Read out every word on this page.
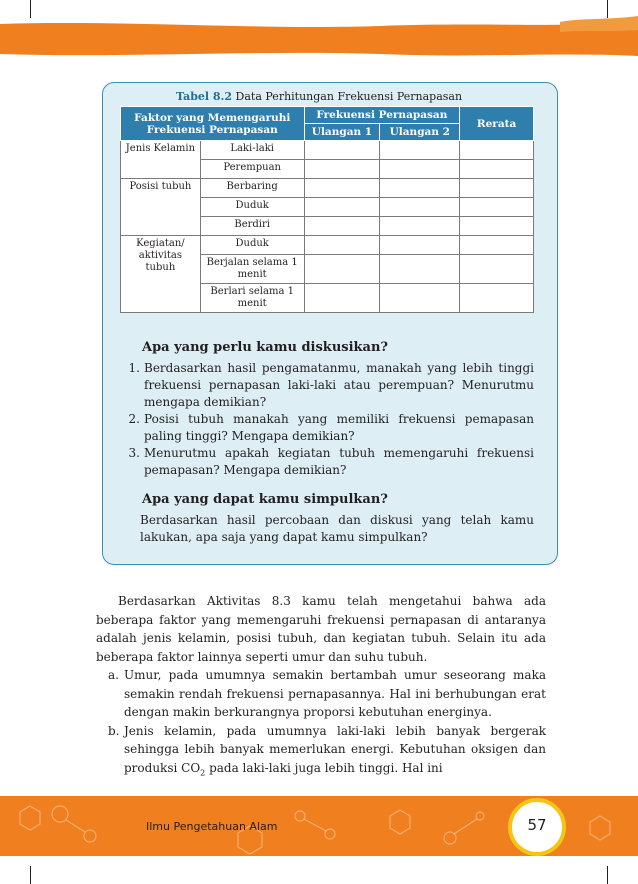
Tabel 8.2 Data Perhitungan Frekuensi Pernapasan
Faktor yang Memengaruhi Frekuensi Pernapasan		Frekuensi Pernapasan		Rerata
		Ulangan 1	Ulangan 2	
Jenis Kelamin	Laki-laki			
	Perempuan			
Posisi tubuh	Berbaring			
	Duduk			
	Berdiri			
Kegiatan/ aktivitas tubuh	Duduk			
	Berjalan selama 1 menit			
	Berlari selama 1 menit			
Apa yang perlu kamu diskusikan?
1. Berdasarkan hasil pengamatanmu, manakah yang lebih tinggi frekuensi pernapasan laki-laki atau perempuan? Menurutmu mengapa demikian?
2. Posisi tubuh manakah yang memiliki frekuensi pemapasan paling tinggi? Mengapa demikian?
3. Menurutmu apakah kegiatan tubuh memengaruhi frekuensi pemapasan? Mengapa demikian?
Apa yang dapat kamu simpulkan?
Berdasarkan hasil percobaan dan diskusi yang telah kamu lakukan, apa saja yang dapat kamu simpulkan?

Berdasarkan Aktivitas 8.3 kamu telah mengetahui bahwa ada beberapa faktor yang memengaruhi frekuensi pernapasan di antaranya adalah jenis kelamin, posisi tubuh, dan kegiatan tubuh. Selain itu ada beberapa faktor lainnya seperti umur dan suhu tubuh.

a. Umur, pada umumnya semakin bertambah umur seseorang maka semakin rendah frekuensi pernapasannya. Hal ini berhubungan erat dengan makin berkurangnya proporsi kebutuhan energinya.
b. Jenis kelamin, pada umumnya laki-laki lebih banyak bergerak sehingga lebih banyak memerlukan energi. Kebutuhan oksigen dan produksi $CO_2$ pada laki-laki juga lebih tinggi. Hal ini
Ilmu Pengetahuan Alam	57
